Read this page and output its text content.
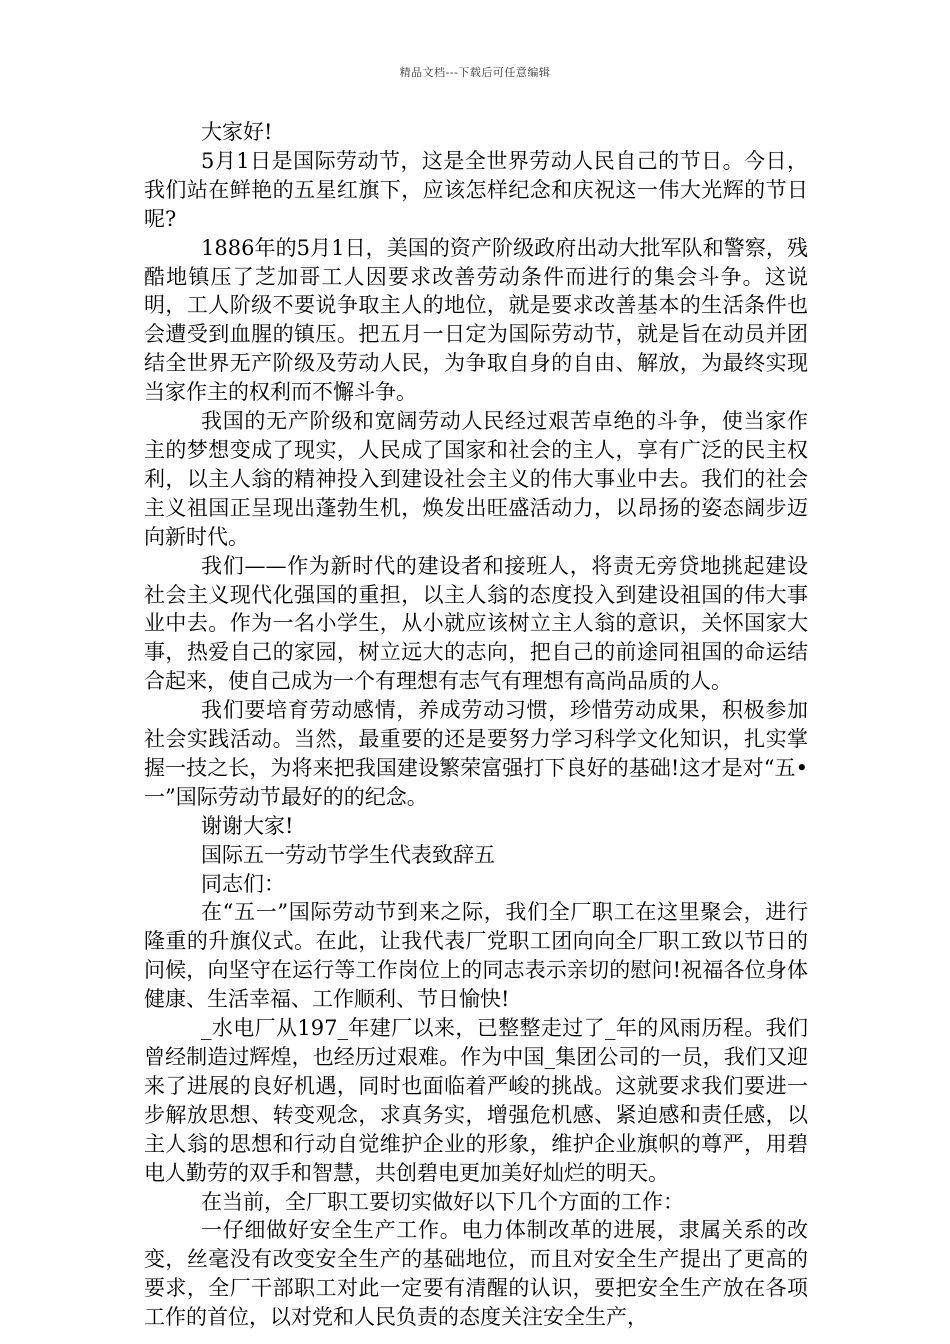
精品文档---下载后可任意编辑

大家好!

5月1日是国际劳动节，这是全世界劳动人民自己的节日。今日，我们站在鲜艳的五星红旗下，应该怎样纪念和庆祝这一伟大光辉的节日呢?

1886年的5月1日，美国的资产阶级政府出动大批军队和警察，残酷地镇压了芝加哥工人因要求改善劳动条件而进行的集会斗争。这说明，工人阶级不要说争取主人的地位，就是要求改善基本的生活条件也会遭受到血腥的镇压。把五月一日定为国际劳动节，就是旨在动员并团结全世界无产阶级及劳动人民，为争取自身的自由、解放，为最终实现当家作主的权利而不懈斗争。

我国的无产阶级和宽阔劳动人民经过艰苦卓绝的斗争，使当家作主的梦想变成了现实，人民成了国家和社会的主人，享有广泛的民主权利，以主人翁的精神投入到建设社会主义的伟大事业中去。我们的社会主义祖国正呈现出蓬勃生机，焕发出旺盛活动力，以昂扬的姿态阔步迈向新时代。

我们——作为新时代的建设者和接班人，将责无旁贷地挑起建设社会主义现代化强国的重担，以主人翁的态度投入到建设祖国的伟大事业中去。作为一名小学生，从小就应该树立主人翁的意识，关怀国家大事，热爱自己的家园，树立远大的志向，把自己的前途同祖国的命运结合起来，使自己成为一个有理想有志气有理想有高尚品质的人。

我们要培育劳动感情，养成劳动习惯，珍惜劳动成果，积极参加社会实践活动。当然，最重要的还是要努力学习科学文化知识，扎实掌握一技之长，为将来把我国建设繁荣富强打下良好的基础!这才是对“五•一”国际劳动节最好的的纪念。

谢谢大家!

国际五一劳动节学生代表致辞五

同志们：

在“五一”国际劳动节到来之际，我们全厂职工在这里聚会，进行隆重的升旗仪式。在此，让我代表厂党职工团向向全厂职工致以节日的问候，向坚守在运行等工作岗位上的同志表示亲切的慰问!祝福各位身体健康、生活幸福、工作顺利、节日愉快!

_水电厂从197_年建厂以来，已整整走过了_年的风雨历程。我们曾经制造过辉煌，也经历过艰难。作为中国_集团公司的一员，我们又迎来了进展的良好机遇，同时也面临着严峻的挑战。这就要求我们要进一步解放思想、转变观念，求真务实，增强危机感、紧迫感和责任感，以主人翁的思想和行动自觉维护企业的形象，维护企业旗帜的尊严，用碧电人勤劳的双手和智慧，共创碧电更加美好灿烂的明天。

在当前，全厂职工要切实做好以下几个方面的工作：

一仔细做好安全生产工作。电力体制改革的进展，隶属关系的改变，丝毫没有改变安全生产的基础地位，而且对安全生产提出了更高的要求，全厂干部职工对此一定要有清醒的认识，要把安全生产放在各项工作的首位，以对党和人民负责的态度关注安全生产，
